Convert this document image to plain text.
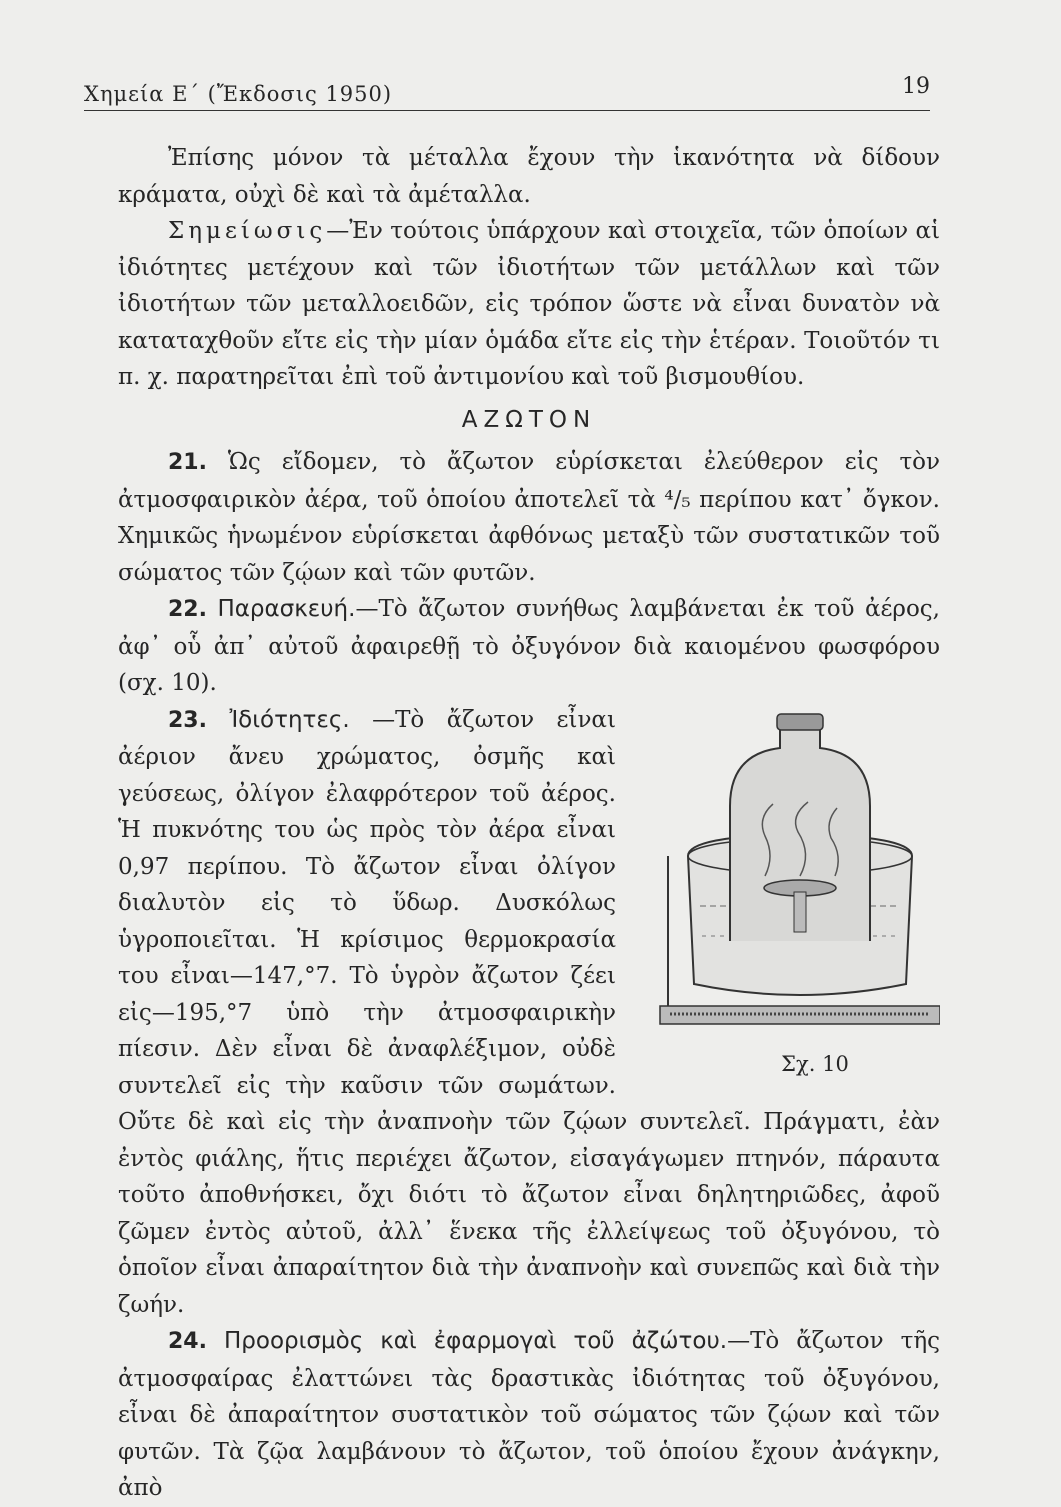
Χημεία Ε΄ (Ἔκδοσις 1950)	19

Ἐπίσης μόνον τὰ μέταλλα ἔχουν τὴν ἱκανότητα νὰ δίδουν κράματα, οὐχὶ δὲ καὶ τὰ ἀμέταλλα.

Σημείωσις—Ἐν τούτοις ὑπάρχουν καὶ στοιχεῖα, τῶν ὁποίων αἱ ἰδιότητες μετέχουν καὶ τῶν ἰδιοτήτων τῶν μετάλλων καὶ τῶν ἰδιοτήτων τῶν μεταλλοειδῶν, εἰς τρόπον ὥστε νὰ εἶναι δυνατὸν νὰ καταταχθοῦν εἴτε εἰς τὴν μίαν ὁμάδα εἴτε εἰς τὴν ἑτέραν. Τοιοῦτόν τι π. χ. παρατηρεῖται ἐπὶ τοῦ ἀντιμονίου καὶ τοῦ βισμουθίου.

ΑΖΩΤΟΝ

21. Ὡς εἴδομεν, τὸ ἄζωτον εὑρίσκεται ἐλεύθερον εἰς τὸν ἀτμοσφαιρικὸν ἀέρα, τοῦ ὁποίου ἀποτελεῖ τὰ ⁴/₅ περίπου κατ᾿ ὄγκον. Χημικῶς ἡνωμένον εὑρίσκεται ἀφθόνως μεταξὺ τῶν συστατικῶν τοῦ σώματος τῶν ζῴων καὶ τῶν φυτῶν.

22. Παρασκευή.—Τὸ ἄζωτον συνήθως λαμβάνεται ἐκ τοῦ ἀέρος, ἀφ᾿ οὗ ἀπ᾿ αὐτοῦ ἀφαιρεθῇ τὸ ὀξυγόνον διὰ καιομένου φωσφόρου (σχ. 10).

23. Ἰδιότητες.
Σχ. 10
—Τὸ ἄζωτον εἶναι ἀέριον ἄνευ χρώματος, ὀσμῆς καὶ γεύσεως, ὀλίγον ἐλαφρότερον τοῦ ἀέρος. Ἡ πυκνότης του ὡς πρὸς τὸν ἀέρα εἶναι 0,97 περίπου. Τὸ ἄζωτον εἶναι ὀλίγον διαλυτὸν εἰς τὸ ὕδωρ. Δυσκόλως ὑγροποιεῖται. Ἡ κρίσιμος θερμοκρασία του εἶναι—147,°7. Τὸ ὑγρὸν ἄζωτον ζέει εἰς—195,°7 ὑπὸ τὴν ἀτμοσφαιρικὴν πίεσιν. Δὲν εἶναι δὲ ἀναφλέξιμον, οὐδὲ συντελεῖ εἰς τὴν καῦσιν τῶν σωμάτων. Οὔτε δὲ καὶ εἰς τὴν ἀναπνοὴν τῶν ζῴων συντελεῖ. Πράγματι, ἐὰν ἐντὸς φιάλης, ἥτις περιέχει ἄζωτον, εἰσαγάγωμεν πτηνόν, πάραυτα τοῦτο ἀποθνήσκει, ὄχι διότι τὸ ἄζωτον εἶναι δηλητηριῶδες, ἀφοῦ ζῶμεν ἐντὸς αὐτοῦ, ἀλλ᾿ ἕνεκα τῆς ἐλλείψεως τοῦ ὀξυγόνου, τὸ ὁποῖον εἶναι ἀπαραίτητον διὰ τὴν ἀναπνοὴν καὶ συνεπῶς καὶ διὰ τὴν ζωήν.

24. Προορισμὸς καὶ ἐφαρμογαὶ τοῦ ἀζώτου.—Τὸ ἄζωτον τῆς ἀτμοσφαίρας ἐλαττώνει τὰς δραστικὰς ἰδιότητας τοῦ ὀξυγόνου, εἶναι δὲ ἀπαραίτητον συστατικὸν τοῦ σώματος τῶν ζῴων καὶ τῶν φυτῶν. Τὰ ζῷα λαμβάνουν τὸ ἄζωτον, τοῦ ὁποίου ἔχουν ἀνάγκην, ἀπὸ
